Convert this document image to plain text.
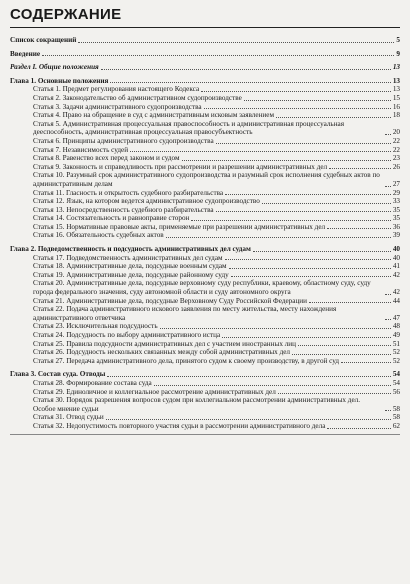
СОДЕРЖАНИЕ
Список сокращений	5
Введение	9
Раздел I. Общие положения	13
Глава 1. Основные положения	13
Статья 1. Предмет регулирования настоящего Кодекса	13
Статья 2. Законодательство об административном судопроизводстве	15
Статья 3. Задачи административного судопроизводства	16
Статья 4. Право на обращение в суд с административным исковым заявлением	18
Статья 5. Административная процессуальная правоспособность и административная процессуальная дееспособность, административная процессуальная правосубъектность	20
Статья 6. Принципы административного судопроизводства	22
Статья 7. Независимость судей	22
Статья 8. Равенство всех перед законом и судом	23
Статья 9. Законность и справедливость при рассмотрении и разрешении административных дел	26
Статья 10. Разумный срок административного судопроизводства и разумный срок исполнения судебных актов по административным делам	27
Статья 11. Гласность и открытость судебного разбирательства	29
Статья 12. Язык, на котором ведется административное судопроизводство	33
Статья 13. Непосредственность судебного разбирательства	35
Статья 14. Состязательность и равноправие сторон	35
Статья 15. Нормативные правовые акты, применяемые при разрешении административных дел	36
Статья 16. Обязательность судебных актов	39
Глава 2. Подведомственность и подсудность административных дел судам	40
Статья 17. Подведомственность административных дел судам	40
Статья 18. Административные дела, подсудные военным судам	41
Статья 19. Административные дела, подсудные районному суду	42
Статья 20. Административные дела, подсудные верховному суду республики, краевому, областному суду, суду города федерального значения, суду автономной области и суду автономного округа	42
Статья 21. Административные дела, подсудные Верховному Суду Российской Федерации	44
Статья 22. Подача административного искового заявления по месту жительства, месту нахождения административного ответчика	47
Статья 23. Исключительная подсудность	48
Статья 24. Подсудность по выбору административного истца	49
Статья 25. Правила подсудности административных дел с участием иностранных лиц	51
Статья 26. Подсудность нескольких связанных между собой административных дел	52
Статья 27. Передача административного дела, принятого судом к своему производству, в другой суд	52
Глава 3. Состав суда. Отводы	54
Статья 28. Формирование состава суда	54
Статья 29. Единоличное и коллегиальное рассмотрение административных дел	56
Статья 30. Порядок разрешения вопросов судом при коллегиальном рассмотрении административных дел. Особое мнение судьи	58
Статья 31. Отвод судьи	58
Статья 32. Недопустимость повторного участия судьи в рассмотрении административного дела	62
